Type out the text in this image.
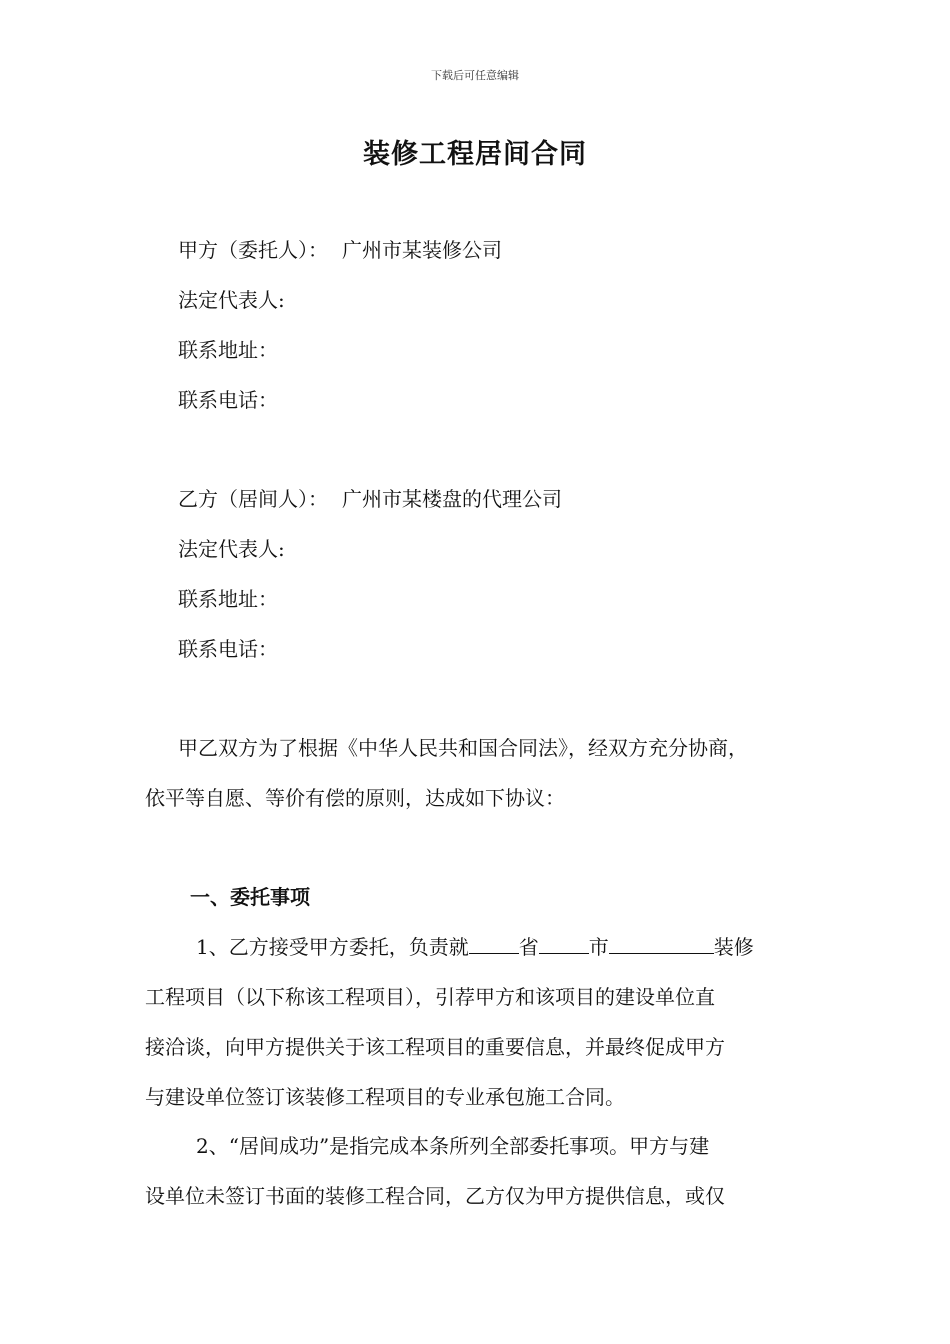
下载后可任意编辑
装修工程居间合同
甲方（委托人）： 广州市某装修公司
法定代表人:
联系地址：
联系电话：
乙方（居间人）： 广州市某楼盘的代理公司
法定代表人:
联系地址：
联系电话：
甲乙双方为了根据《中华人民共和国合同法》，经双方充分协商，
依平等自愿、等价有偿的原则，达成如下协议：
一、委托事项
1、乙方接受甲方委托，负责就	省	市	装修
工程项目（以下称该工程项目），引荐甲方和该项目的建设单位直
接洽谈，向甲方提供关于该工程项目的重要信息，并最终促成甲方
与建设单位签订该装修工程项目的专业承包施工合同。
2、“居间成功”是指完成本条所列全部委托事项。甲方与建
设单位未签订书面的装修工程合同，乙方仅为甲方提供信息，或仅
